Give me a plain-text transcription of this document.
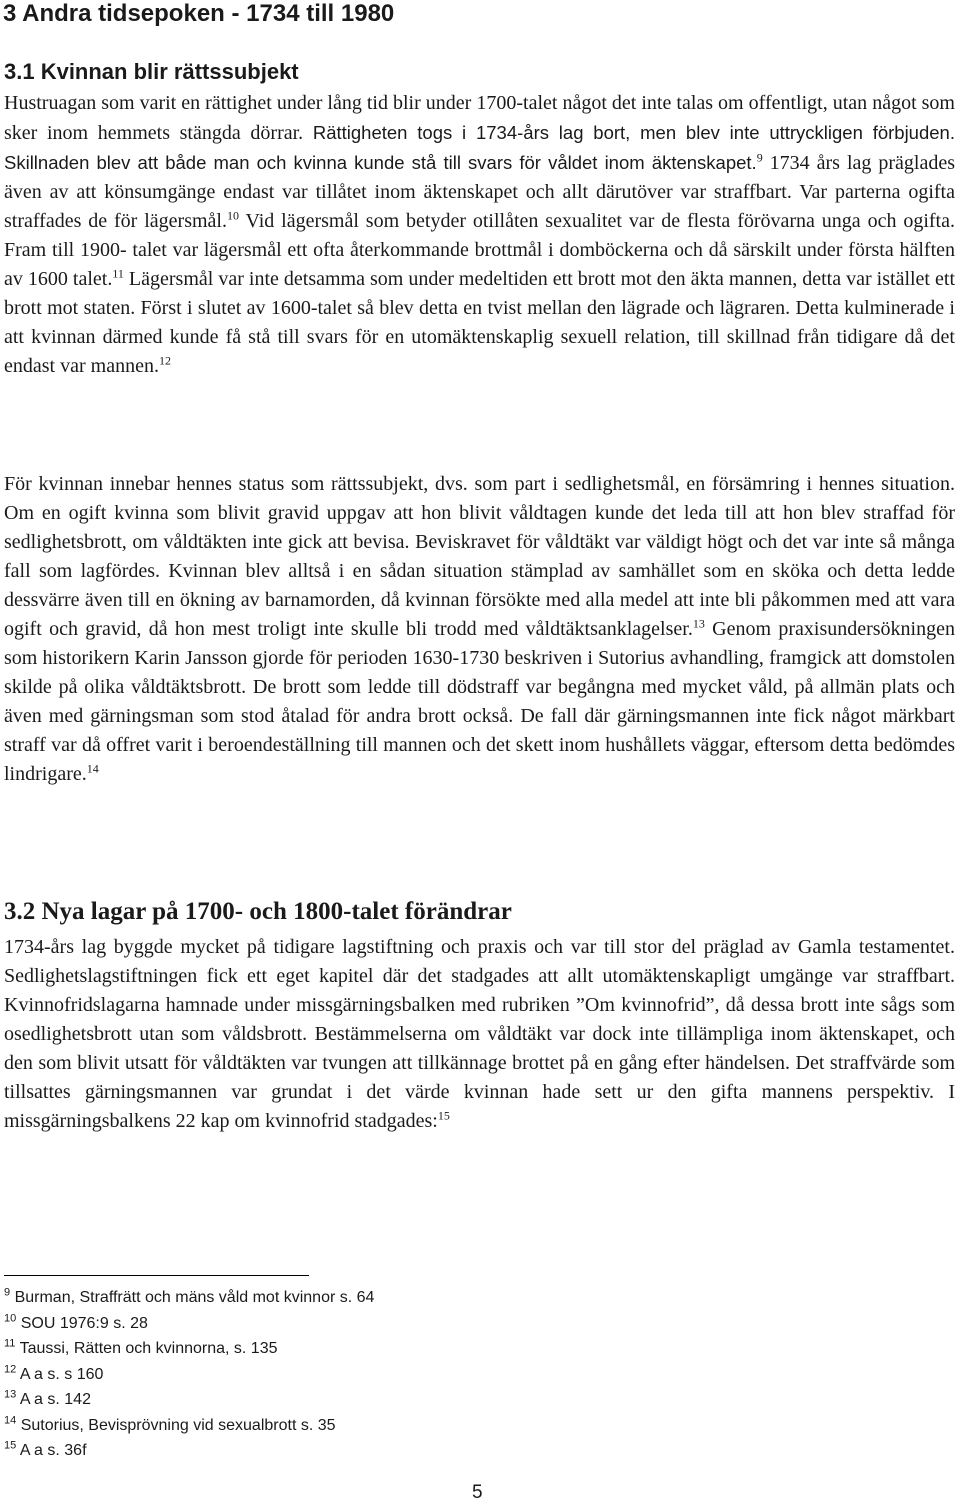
3 Andra tidsepoken - 1734 till 1980
3.1 Kvinnan blir rättssubjekt

Hustruagan som varit en rättighet under lång tid blir under 1700-talet något det inte talas om offentligt, utan något som sker inom hemmets stängda dörrar. Rättigheten togs i 1734-års lag bort, men blev inte uttryckligen förbjuden. Skillnaden blev att både man och kvinna kunde stå till svars för våldet inom äktenskapet.$^9$ 1734 års lag präglades även av att könsumgänge endast var tillåtet inom äktenskapet och allt därutöver var straffbart. Var parterna ogifta straffades de för lägersmål.$^{10}$ Vid lägersmål som betyder otillåten sexualitet var de flesta förövarna unga och ogifta. Fram till 1900- talet var lägersmål ett ofta återkommande brottmål i domböckerna och då särskilt under första hälften av 1600 talet.$^{11}$ Lägersmål var inte detsamma som under medeltiden ett brott mot den äkta mannen, detta var istället ett brott mot staten. Först i slutet av 1600-talet så blev detta en tvist mellan den lägrade och lägraren. Detta kulminerade i att kvinnan därmed kunde få stå till svars för en utomäktenskaplig sexuell relation, till skillnad från tidigare då det endast var mannen.$^{12}$

För kvinnan innebar hennes status som rättssubjekt, dvs. som part i sedlighetsmål, en försämring i hennes situation. Om en ogift kvinna som blivit gravid uppgav att hon blivit våldtagen kunde det leda till att hon blev straffad för sedlighetsbrott, om våldtäkten inte gick att bevisa. Beviskravet för våldtäkt var väldigt högt och det var inte så många fall som lagfördes. Kvinnan blev alltså i en sådan situation stämplad av samhället som en sköka och detta ledde dessvärre även till en ökning av barnamorden, då kvinnan försökte med alla medel att inte bli påkommen med att vara ogift och gravid, då hon mest troligt inte skulle bli trodd med våldtäktsanklagelser.$^{13}$ Genom praxisundersökningen som historikern Karin Jansson gjorde för perioden 1630-1730 beskriven i Sutorius avhandling, framgick att domstolen skilde på olika våldtäktsbrott. De brott som ledde till dödstraff var begångna med mycket våld, på allmän plats och även med gärningsman som stod åtalad för andra brott också. De fall där gärningsmannen inte fick något märkbart straff var då offret varit i beroendeställning till mannen och det skett inom hushållets väggar, eftersom detta bedömdes lindrigare.$^{14}$

3.2 Nya lagar på 1700- och 1800-talet förändrar

1734-års lag byggde mycket på tidigare lagstiftning och praxis och var till stor del präglad av Gamla testamentet. Sedlighetslagstiftningen fick ett eget kapitel där det stadgades att allt utomäktenskapligt umgänge var straffbart. Kvinnofridslagarna hamnade under missgärningsbalken med rubriken ”Om kvinnofrid”, då dessa brott inte sågs som osedlighetsbrott utan som våldsbrott. Bestämmelserna om våldtäkt var dock inte tillämpliga inom äktenskapet, och den som blivit utsatt för våldtäkten var tvungen att tillkännage brottet på en gång efter händelsen. Det straffvärde som tillsattes gärningsmannen var grundat i det värde kvinnan hade sett ur den gifta mannens perspektiv. I missgärningsbalkens 22 kap om kvinnofrid stadgades:$^{15}$

$^9$ Burman, Straffrätt och mäns våld mot kvinnor s. 64
$^{10}$ SOU 1976:9 s. 28
$^{11}$ Taussi, Rätten och kvinnorna, s. 135
$^{12}$ A a s. s 160
$^{13}$ A a s. 142
$^{14}$ Sutorius, Bevisprövning vid sexualbrott s. 35
$^{15}$ A a s. 36f
5
